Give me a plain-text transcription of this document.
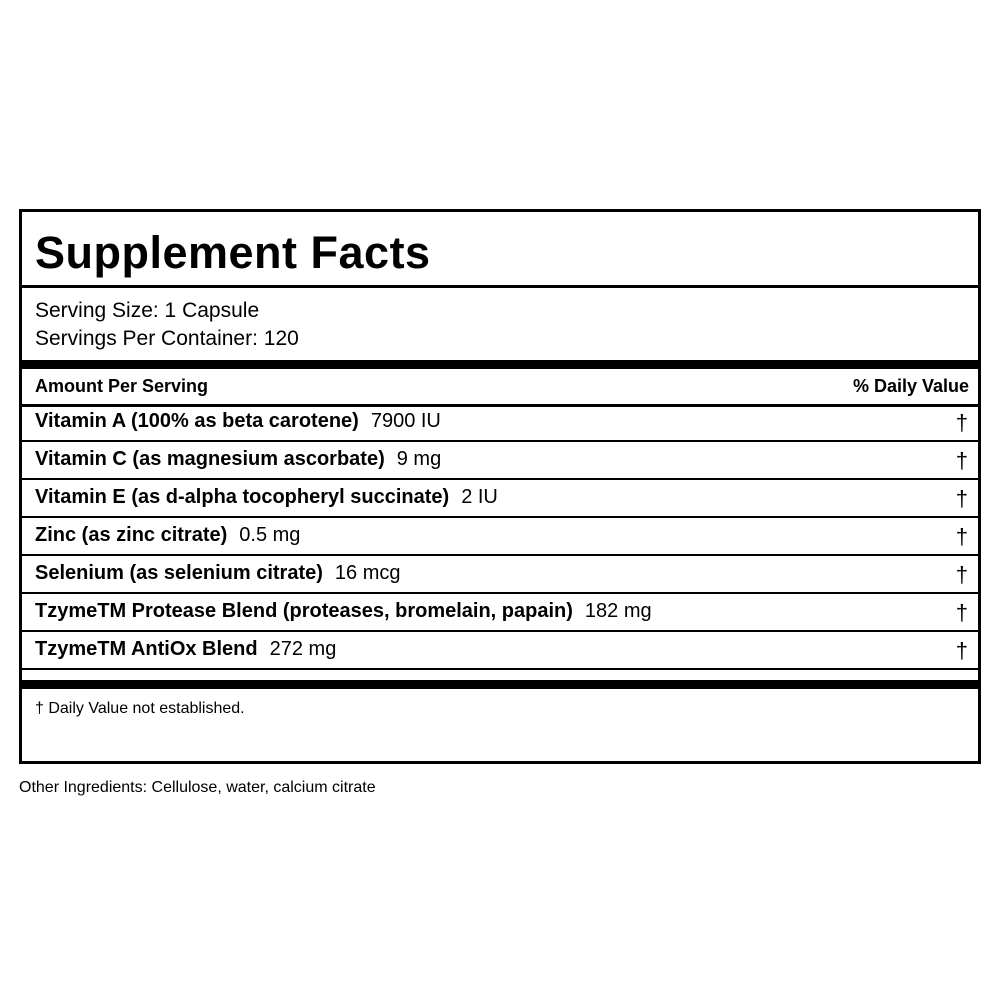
Supplement Facts
Serving Size: 1 Capsule
Servings Per Container: 120
Amount Per Serving	% Daily Value
Vitamin A (100% as beta carotene) 7900 IU	†
Vitamin C (as magnesium ascorbate) 9 mg	†
Vitamin E (as d-alpha tocopheryl succinate) 2 IU	†
Zinc (as zinc citrate) 0.5 mg	†
Selenium (as selenium citrate) 16 mcg	†
TzymeTM Protease Blend (proteases, bromelain, papain) 182 mg	†
TzymeTM AntiOx Blend 272 mg	†
† Daily Value not established.
Other Ingredients: Cellulose, water, calcium citrate
